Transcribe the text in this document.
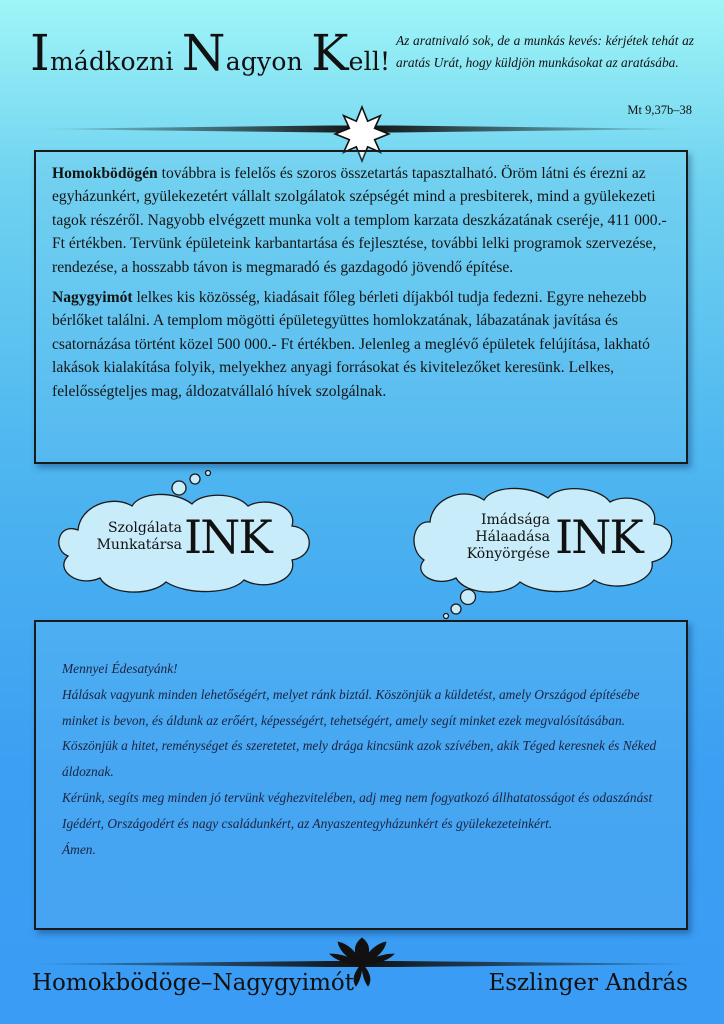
Imádkozni Nagyon Kell!

Az aratnivaló sok, de a munkás kevés: kérjétek tehát az aratás Urát, hogy küldjön munkásokat az aratásába.

Mt 9,37b–38

Homokbödögén továbbra is felelős és szoros összetartás tapasztalható. Öröm látni és érezni az egyházunkért, gyülekezetért vállalt szolgálatok szépségét mind a presbiterek, mind a gyülekezeti tagok részéről. Nagyobb elvégzett munka volt a templom karzata deszkázatának cseréje, 411 000.- Ft értékben. Tervünk épületeink karbantartása és fejlesztése, további lelki programok szervezése, rendezése, a hosszabb távon is megmaradó és gazdagodó jövendő építése.

Nagygyimót lelkes kis közösség, kiadásait főleg bérleti díjakból tudja fedezni. Egyre nehezebb bérlőket találni. A templom mögötti épületegyüttes homlokzatának, lábazatának javítása és csatornázása történt közel 500 000.- Ft értékben. Jelenleg a meglévő épületek felújítása, lakható lakások kialakítása folyik, melyekhez anyagi forrásokat és kivitelezőket keresünk. Lelkes, felelősségteljes mag, áldozatvállaló hívek szolgálnak.

Szolgálata
Munkatársa INK	Imádsága
Hálaadása
Könyörgése INK

Mennyei Édesatyánk!

Hálásak vagyunk minden lehetőségért, melyet ránk biztál. Köszönjük a küldetést, amely Országod építésébe minket is bevon, és áldunk az erőért, képességért, tehetségért, amely segít minket ezek megvalósításában.

Köszönjük a hitet, reménységet és szeretetet, mely drága kincsünk azok szívében, akik Téged keresnek és Néked áldoznak.

Kérünk, segíts meg minden jó tervünk véghezvitelében, adj meg nem fogyatkozó állhatatosságot és odaszánást Igédért, Országodért és nagy családunkért, az Anyaszentegyházunkért és gyülekezeteinkért.

Ámen.

Homokbödöge–Nagygyimót	Eszlinger András
